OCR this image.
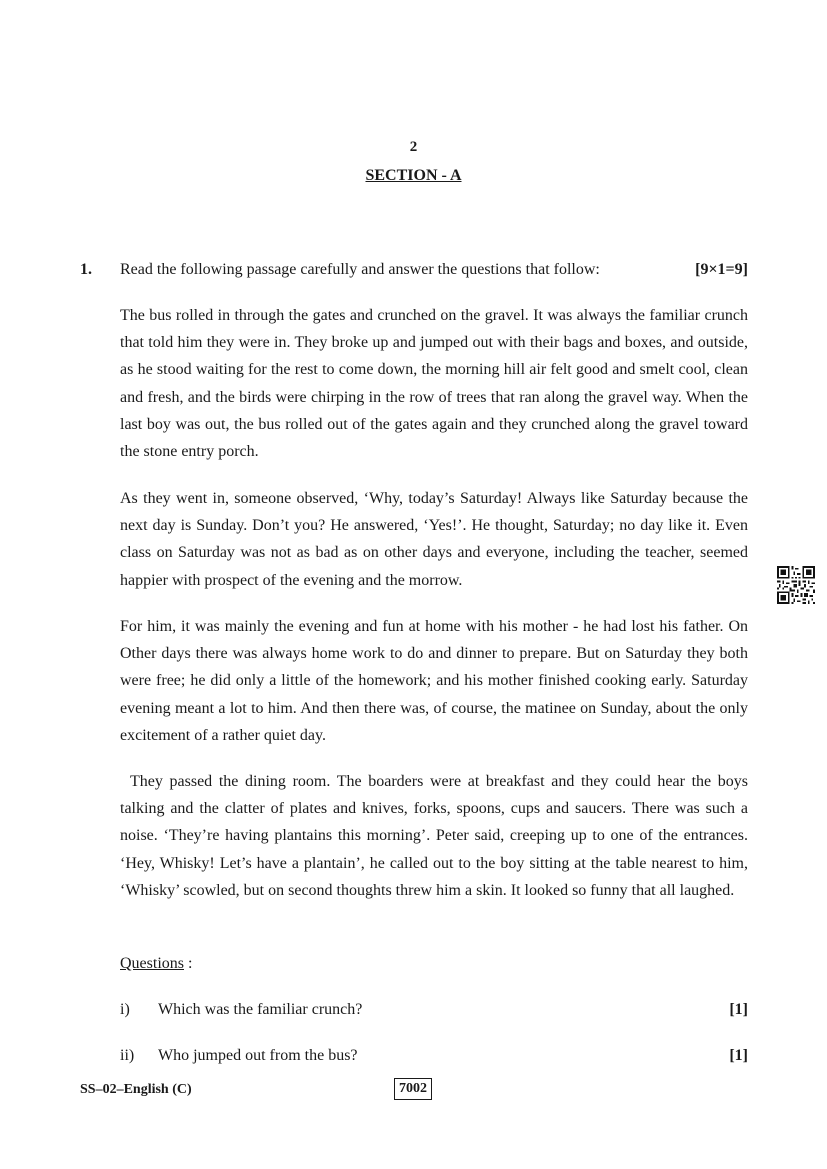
2
SECTION - A
1. Read the following passage carefully and answer the questions that follow:	[9×1=9]

The bus rolled in through the gates and crunched on the gravel. It was always the familiar crunch that told him they were in. They broke up and jumped out with their bags and boxes, and outside, as he stood waiting for the rest to come down, the morning hill air felt good and smelt cool, clean and fresh, and the birds were chirping in the row of trees that ran along the gravel way. When the last boy was out, the bus rolled out of the gates again and they crunched along the gravel toward the stone entry porch.

As they went in, someone observed, ‘Why, today’s Saturday! Always like Saturday because the next day is Sunday. Don’t you? He answered, ‘Yes!’. He thought, Saturday; no day like it. Even class on Saturday was not as bad as on other days and everyone, including the teacher, seemed happier with prospect of the evening and the morrow.

For him, it was mainly the evening and fun at home with his mother - he had lost his father. On Other days there was always home work to do and dinner to prepare. But on Saturday they both were free; he did only a little of the homework; and his mother finished cooking early. Saturday evening meant a lot to him. And then there was, of course, the matinee on Sunday, about the only excitement of a rather quiet day.

They passed the dining room. The boarders were at breakfast and they could hear the boys talking and the clatter of plates and knives, forks, spoons, cups and saucers. There was such a noise. ‘They’re having plantains this morning’. Peter said, creeping up to one of the entrances. ‘Hey, Whisky! Let’s have a plantain’, he called out to the boy sitting at the table nearest to him, ‘Whisky’ scowled, but on second thoughts threw him a skin. It looked so funny that all laughed.

Questions :
i) Which was the familiar crunch?	[1]
ii) Who jumped out from the bus?	[1]
SS–02–English (C)	7002
